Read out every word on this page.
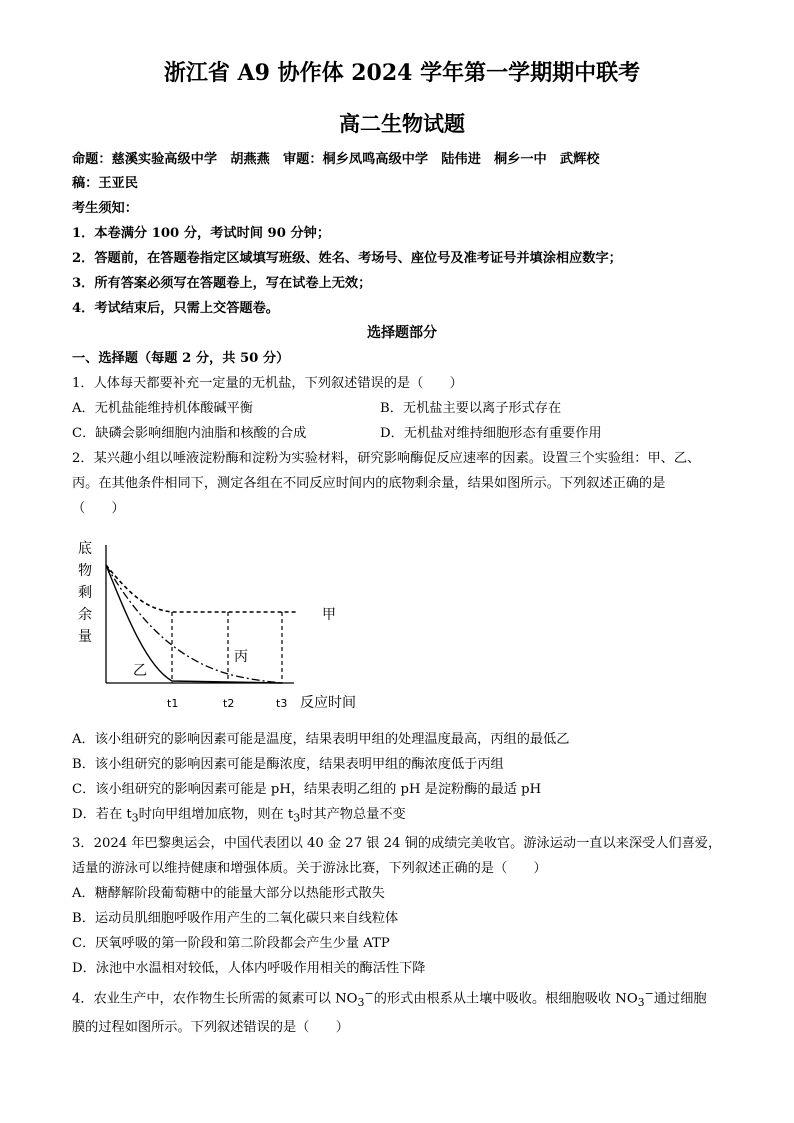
浙江省 A9 协作体 2024 学年第一学期期中联考
高二生物试题
命题：慈溪实验高级中学　胡燕燕　审题：桐乡凤鸣高级中学　陆伟进　桐乡一中　武辉校
稿：王亚民
考生须知：
1．本卷满分 100 分，考试时间 90 分钟；
2．答题前，在答题卷指定区域填写班级、姓名、考场号、座位号及准考证号并填涂相应数字；
3．所有答案必须写在答题卷上，写在试卷上无效；
4．考试结束后，只需上交答题卷。
选择题部分
一、选择题（每题 2 分，共 50 分）
1．人体每天都要补充一定量的无机盐，下列叙述错误的是（　　）
A．无机盐能维持机体酸碱平衡	B．无机盐主要以离子形式存在
C．缺磷会影响细胞内油脂和核酸的合成	D．无机盐对维持细胞形态有重要作用
2．某兴趣小组以唾液淀粉酶和淀粉为实验材料，研究影响酶促反应速率的因素。设置三个实验组：甲、乙、
丙。在其他条件相同下，测定各组在不同反应时间内的底物剩余量，结果如图所示。下列叙述正确的是
（　　）
底物剩余量
甲
乙
丙
t1	t2	t3 反应时间
A．该小组研究的影响因素可能是温度，结果表明甲组的处理温度最高，丙组的最低乙
B．该小组研究的影响因素可能是酶浓度，结果表明甲组的酶浓度低于丙组
C．该小组研究的影响因素可能是 pH，结果表明乙组的 pH 是淀粉酶的最适 pH
D．若在 $t_3$时向甲组增加底物，则在 $t_3$时其产物总量不变
3．2024 年巴黎奥运会，中国代表团以 40 金 27 银 24 铜的成绩完美收官。游泳运动一直以来深受人们喜爱，
适量的游泳可以维持健康和增强体质。关于游泳比赛，下列叙述正确的是（　　）
A．糖酵解阶段葡萄糖中的能量大部分以热能形式散失
B．运动员肌细胞呼吸作用产生的二氧化碳只来自线粒体
C．厌氧呼吸的第一阶段和第二阶段都会产生少量 ATP
D．泳池中水温相对较低，人体内呼吸作用相关的酶活性下降
4．农业生产中，农作物生长所需的氮素可以 $NO_3^-$的形式由根系从土壤中吸收。根细胞吸收 $NO_3^-$通过细胞
膜的过程如图所示。下列叙述错误的是（　　）
